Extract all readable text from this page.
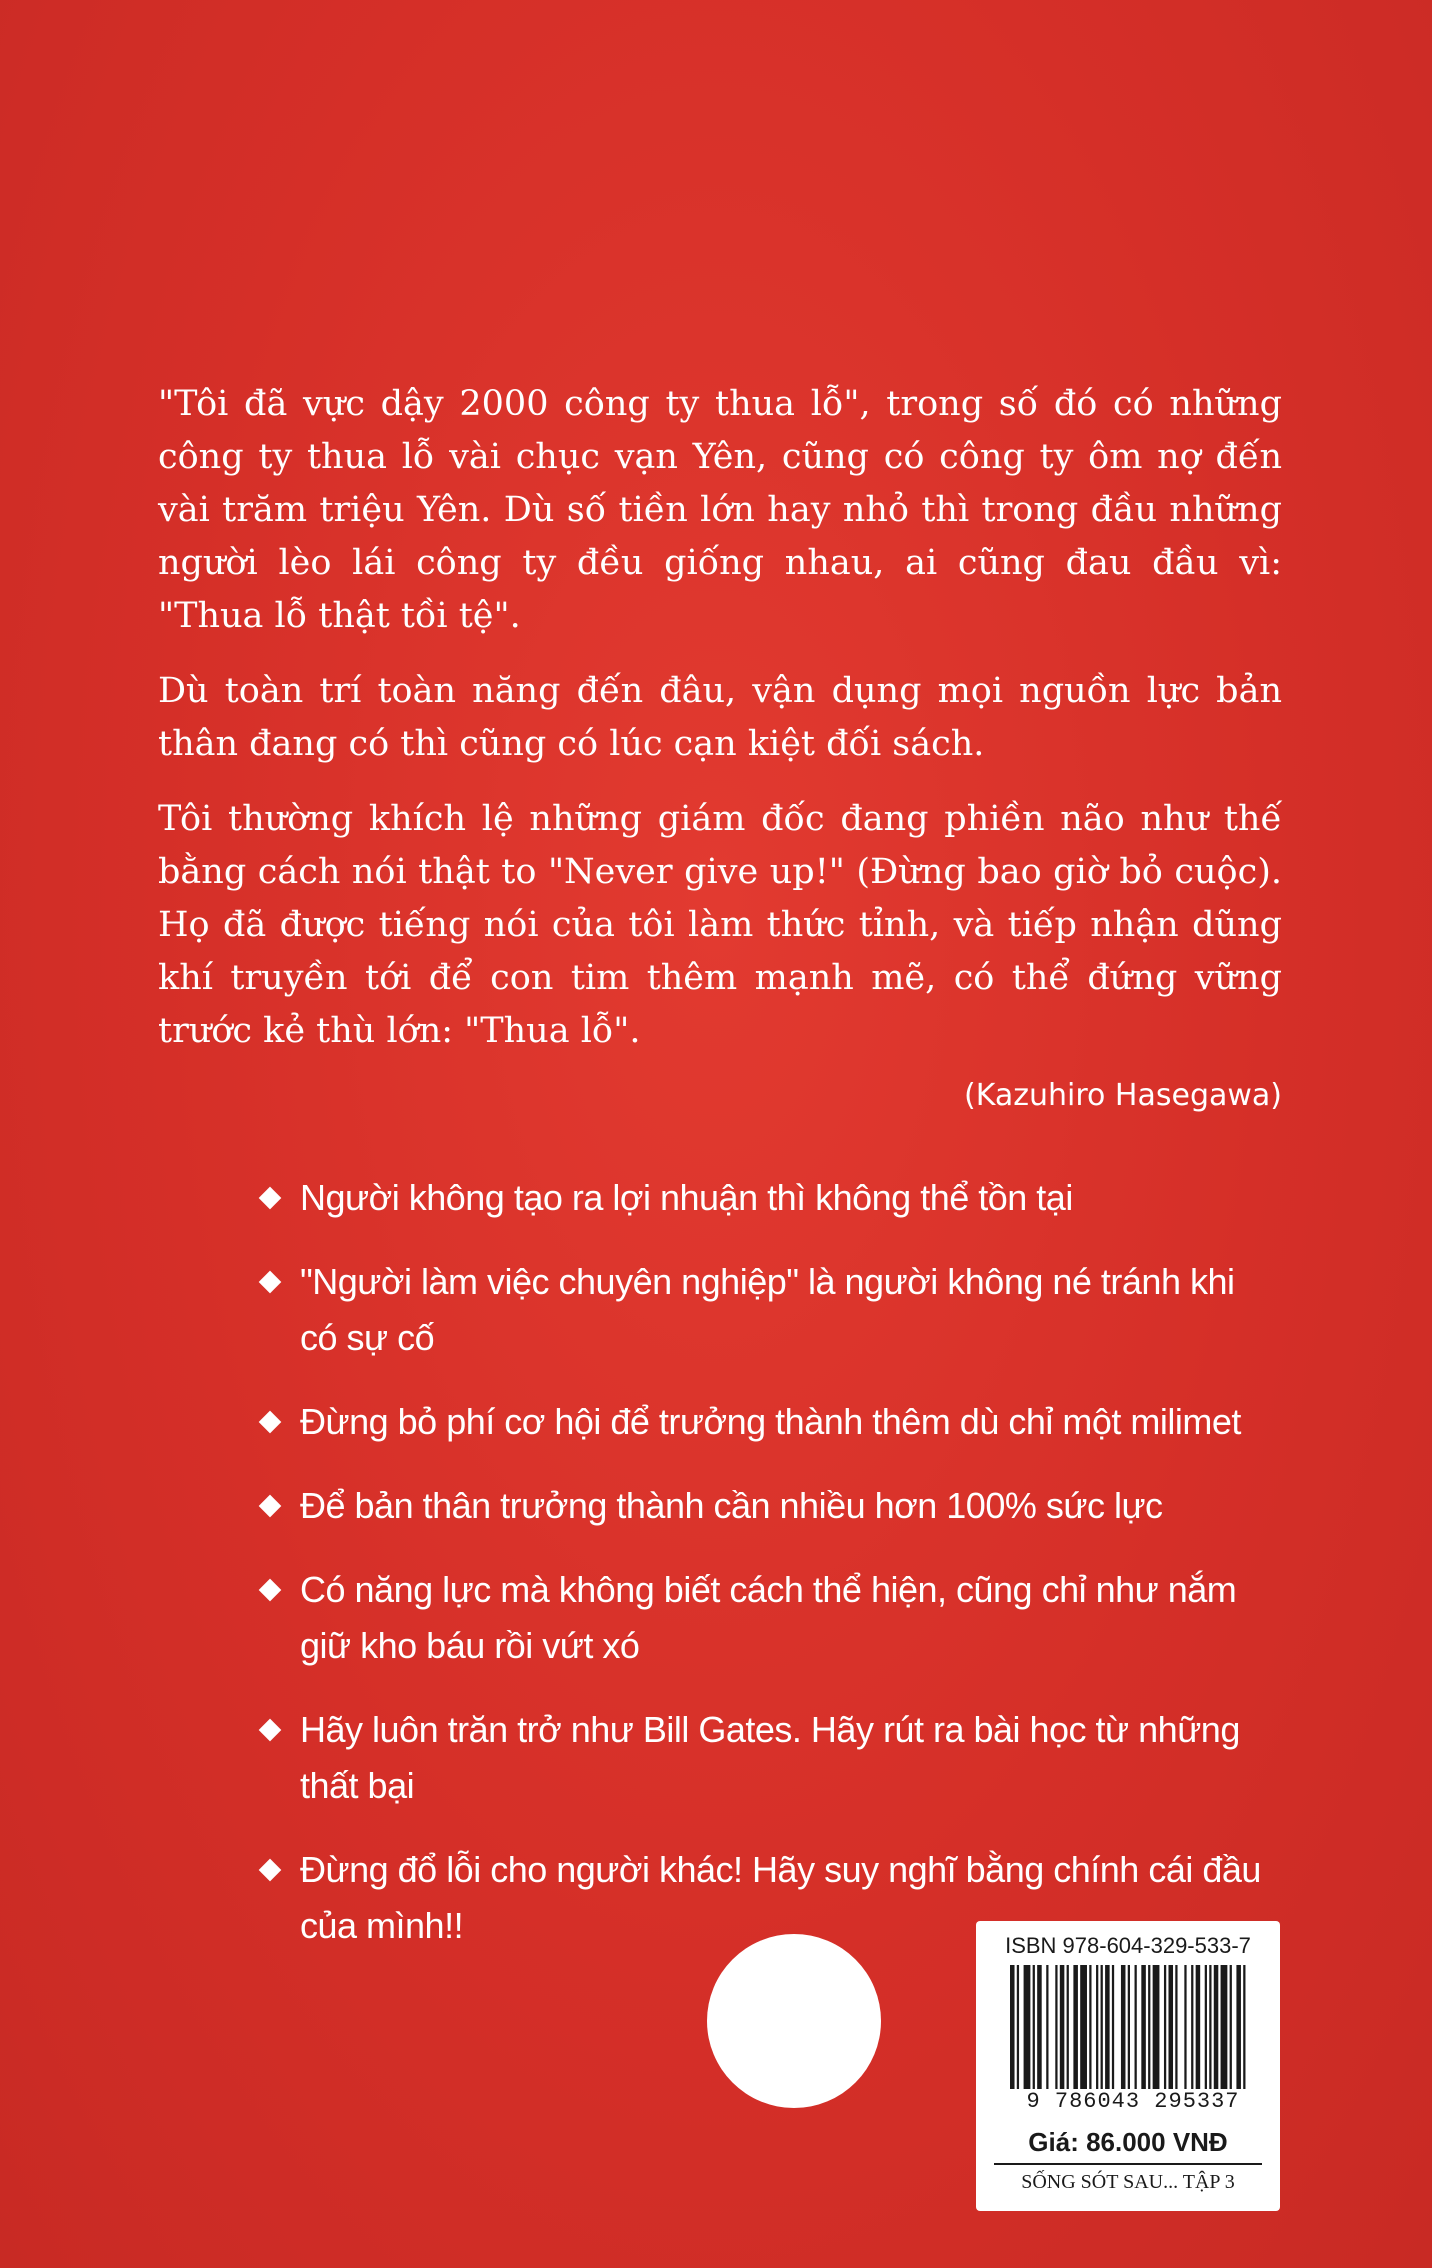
"Tôi đã vực dậy 2000 công ty thua lỗ", trong số đó có những công ty thua lỗ vài chục vạn Yên, cũng có công ty ôm nợ đến vài trăm triệu Yên. Dù số tiền lớn hay nhỏ thì trong đầu những người lèo lái công ty đều giống nhau, ai cũng đau đầu vì: "Thua lỗ thật tồi tệ".

Dù toàn trí toàn năng đến đâu, vận dụng mọi nguồn lực bản thân đang có thì cũng có lúc cạn kiệt đối sách.

Tôi thường khích lệ những giám đốc đang phiền não như thế bằng cách nói thật to "Never give up!" (Đừng bao giờ bỏ cuộc). Họ đã được tiếng nói của tôi làm thức tỉnh, và tiếp nhận dũng khí truyền tới để con tim thêm mạnh mẽ, có thể đứng vững trước kẻ thù lớn: "Thua lỗ".

(Kazuhiro Hasegawa)
Người không tạo ra lợi nhuận thì không thể tồn tại
"Người làm việc chuyên nghiệp" là người không né tránh khi có sự cố
Đừng bỏ phí cơ hội để trưởng thành thêm dù chỉ một milimet
Để bản thân trưởng thành cần nhiều hơn 100% sức lực
Có năng lực mà không biết cách thể hiện, cũng chỉ như nắm giữ kho báu rồi vứt xó
Hãy luôn trăn trở như Bill Gates. Hãy rút ra bài học từ những thất bại
Đừng đổ lỗi cho người khác! Hãy suy nghĩ bằng chính cái đầu của mình!!	ISBN 978-604-329-533-7
9 786043 295337
Giá: 86.000 VNĐ
SỐNG SÓT SAU... TẬP 3
